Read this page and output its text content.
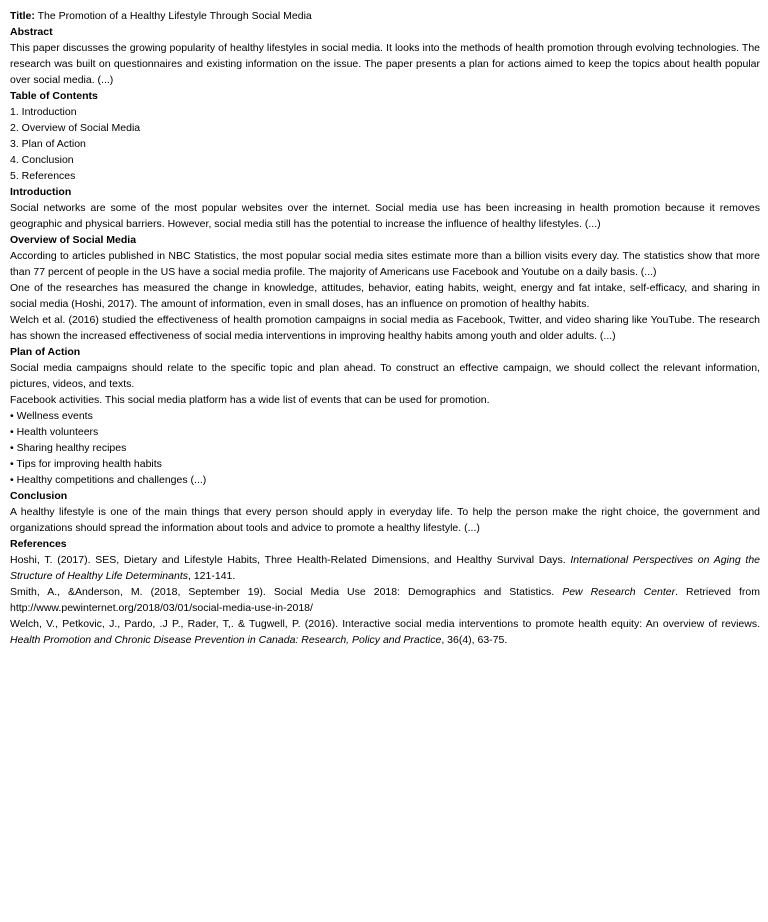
Title: The Promotion of a Healthy Lifestyle Through Social Media

Abstract

This paper discusses the growing popularity of healthy lifestyles in social media. It looks into the methods of health promotion through evolving technologies. The research was built on questionnaires and existing information on the issue. The paper presents a plan for actions aimed to keep the topics about health popular over social media. (...)

Table of Contents

1. Introduction

2. Overview of Social Media

3. Plan of Action

4. Conclusion

5. References

Introduction

Social networks are some of the most popular websites over the internet. Social media use has been increasing in health promotion because it removes geographic and physical barriers. However, social media still has the potential to increase the influence of healthy lifestyles. (...)

Overview of Social Media

According to articles published in NBC Statistics, the most popular social media sites estimate more than a billion visits every day. The statistics show that more than 77 percent of people in the US have a social media profile. The majority of Americans use Facebook and Youtube on a daily basis. (...)

One of the researches has measured the change in knowledge, attitudes, behavior, eating habits, weight, energy and fat intake, self-efficacy, and sharing in social media (Hoshi, 2017). The amount of information, even in small doses, has an influence on promotion of healthy habits.

Welch et al. (2016) studied the effectiveness of health promotion campaigns in social media as Facebook, Twitter, and video sharing like YouTube. The research has shown the increased effectiveness of social media interventions in improving healthy habits among youth and older adults. (...)

Plan of Action

Social media campaigns should relate to the specific topic and plan ahead. To construct an effective campaign, we should collect the relevant information, pictures, videos, and texts.

Facebook activities. This social media platform has a wide list of events that can be used for promotion.

• Wellness events

• Health volunteers

• Sharing healthy recipes

• Tips for improving health habits

• Healthy competitions and challenges (...)

Conclusion

A healthy lifestyle is one of the main things that every person should apply in everyday life. To help the person make the right choice, the government and organizations should spread the information about tools and advice to promote a healthy lifestyle. (...)

References

Hoshi, T. (2017). SES, Dietary and Lifestyle Habits, Three Health-Related Dimensions, and Healthy Survival Days. International Perspectives on Aging the Structure of Healthy Life Determinants, 121-141.

Smith, A., &Anderson, M. (2018, September 19). Social Media Use 2018: Demographics and Statistics. Pew Research Center. Retrieved from http://www.pewinternet.org/2018/03/01/social-media-use-in-2018/

Welch, V., Petkovic, J., Pardo, .J P., Rader, T,. & Tugwell, P. (2016). Interactive social media interventions to promote health equity: An overview of reviews. Health Promotion and Chronic Disease Prevention in Canada: Research, Policy and Practice, 36(4), 63-75.
